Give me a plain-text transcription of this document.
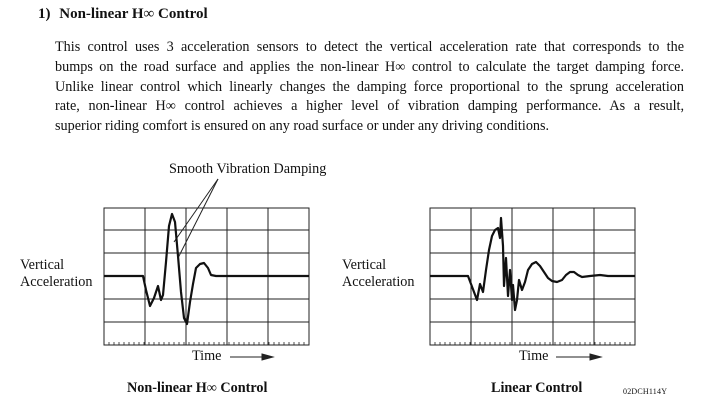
1) Non-linear H∞ Control
This control uses 3 acceleration sensors to detect the vertical acceleration rate that corresponds to the
bumps on the road surface and applies the non-linear H∞ control to calculate the target damping force.
Unlike linear control which linearly changes the damping force proportional to the sprung acceleration
rate, non-linear H∞ control achieves a higher level of vibration damping performance. As a result,
superior riding comfort is ensured on any road surface or under any driving conditions.
Smooth Vibration Damping
Vertical
Acceleration
Vertical
Acceleration
Time	Time
Non-linear H∞ Control	Linear Control	02DCH114Y
